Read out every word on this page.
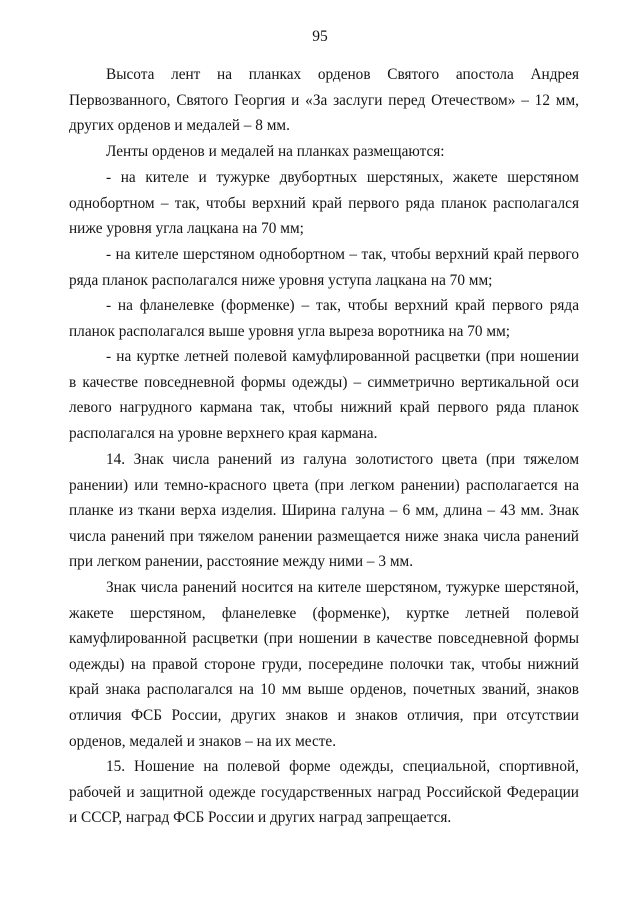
95

Высота лент на планках орденов Святого апостола Андрея Первозванного, Святого Георгия и «За заслуги перед Отечеством» – 12 мм, других орденов и медалей – 8 мм.

Ленты орденов и медалей на планках размещаются:

- на кителе и тужурке двубортных шерстяных, жакете шерстяном однобортном – так, чтобы верхний край первого ряда планок располагался ниже уровня угла лацкана на 70 мм;

- на кителе шерстяном однобортном – так, чтобы верхний край первого ряда планок располагался ниже уровня уступа лацкана на 70 мм;

- на фланелевке (форменке) – так, чтобы верхний край первого ряда планок располагался выше уровня угла выреза воротника на 70 мм;

- на куртке летней полевой камуфлированной расцветки (при ношении в качестве повседневной формы одежды) – симметрично вертикальной оси левого нагрудного кармана так, чтобы нижний край первого ряда планок располагался на уровне верхнего края кармана.

14. Знак числа ранений из галуна золотистого цвета (при тяжелом ранении) или темно-красного цвета (при легком ранении) располагается на планке из ткани верха изделия. Ширина галуна – 6 мм, длина – 43 мм. Знак числа ранений при тяжелом ранении размещается ниже знака числа ранений при легком ранении, расстояние между ними – 3 мм.

Знак числа ранений носится на кителе шерстяном, тужурке шерстяной, жакете шерстяном, фланелевке (форменке), куртке летней полевой камуфлированной расцветки (при ношении в качестве повседневной формы одежды) на правой стороне груди, посередине полочки так, чтобы нижний край знака располагался на 10 мм выше орденов, почетных званий, знаков отличия ФСБ России, других знаков и знаков отличия, при отсутствии орденов, медалей и знаков – на их месте.

15. Ношение на полевой форме одежды, специальной, спортивной, рабочей и защитной одежде государственных наград Российской Федерации и СССР, наград ФСБ России и других наград запрещается.
